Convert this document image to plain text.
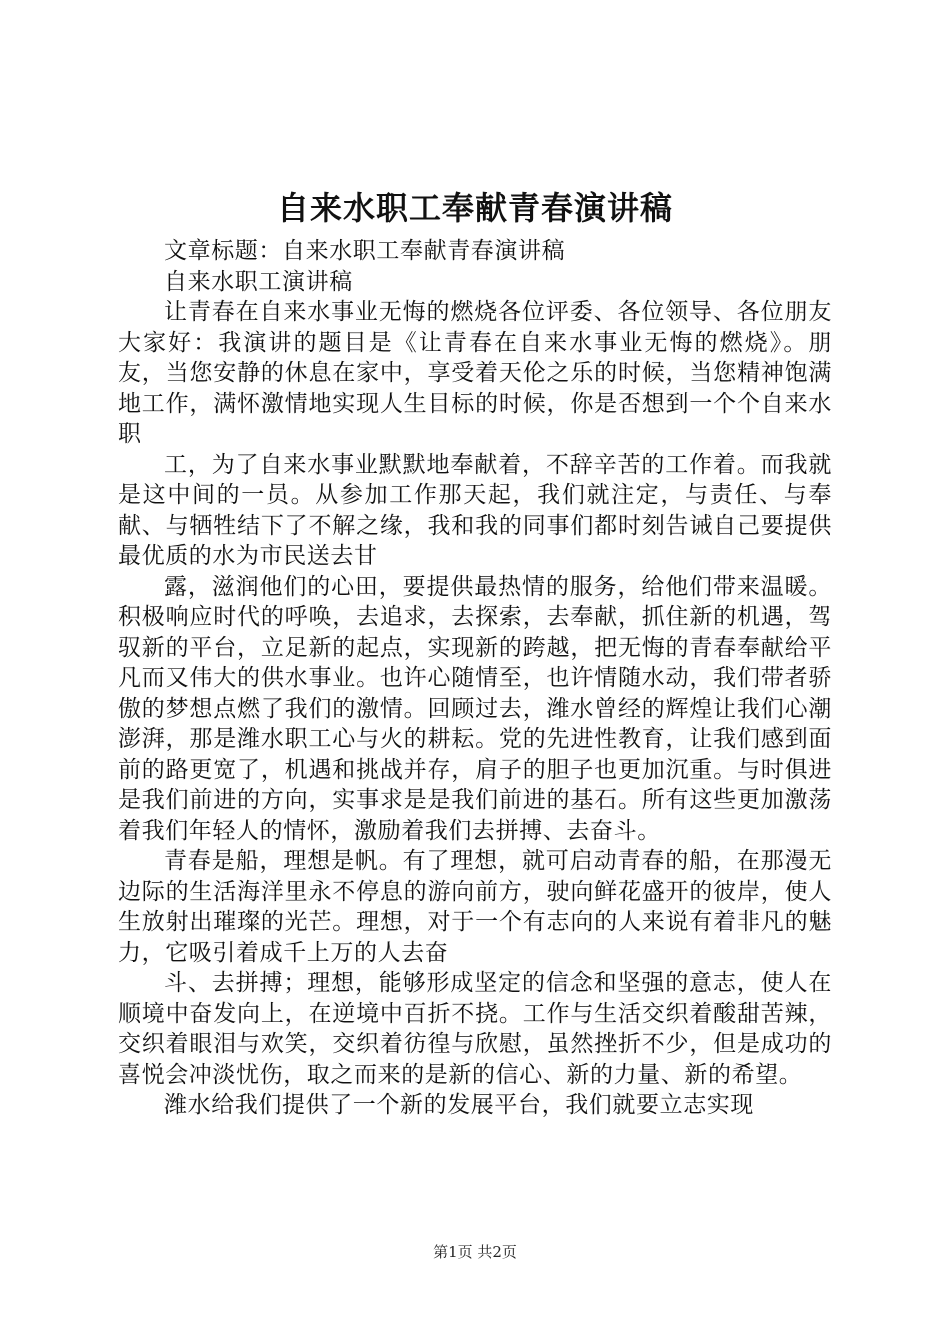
自来水职工奉献青春演讲稿

文章标题：自来水职工奉献青春演讲稿

自来水职工演讲稿

让青春在自来水事业无悔的燃烧各位评委、各位领导、各位朋友大家好：我演讲的题目是《让青春在自来水事业无悔的燃烧》。朋友，当您安静的休息在家中，享受着天伦之乐的时候，当您精神饱满地工作，满怀激情地实现人生目标的时候，你是否想到一个个自来水职

工，为了自来水事业默默地奉献着，不辞辛苦的工作着。而我就是这中间的一员。从参加工作那天起，我们就注定，与责任、与奉献、与牺牲结下了不解之缘，我和我的同事们都时刻告诫自己要提供最优质的水为市民送去甘

露，滋润他们的心田，要提供最热情的服务，给他们带来温暖。积极响应时代的呼唤，去追求，去探索，去奉献，抓住新的机遇，驾驭新的平台，立足新的起点，实现新的跨越，把无悔的青春奉献给平凡而又伟大的供水事业。也许心随情至，也许情随水动，我们带者骄傲的梦想点燃了我们的激情。回顾过去，潍水曾经的辉煌让我们心潮澎湃，那是潍水职工心与火的耕耘。党的先进性教育，让我们感到面前的路更宽了，机遇和挑战并存，肩子的胆子也更加沉重。与时俱进是我们前进的方向，实事求是是我们前进的基石。所有这些更加激荡着我们年轻人的情怀，激励着我们去拼搏、去奋斗。

青春是船，理想是帆。有了理想，就可启动青春的船，在那漫无边际的生活海洋里永不停息的游向前方，驶向鲜花盛开的彼岸，使人生放射出璀璨的光芒。理想，对于一个有志向的人来说有着非凡的魅力，它吸引着成千上万的人去奋

斗、去拼搏；理想，能够形成坚定的信念和坚强的意志，使人在顺境中奋发向上，在逆境中百折不挠。工作与生活交织着酸甜苦辣，交织着眼泪与欢笑，交织着彷徨与欣慰，虽然挫折不少，但是成功的喜悦会冲淡忧伤，取之而来的是新的信心、新的力量、新的希望。

潍水给我们提供了一个新的发展平台，我们就要立志实现

第1页 共2页
